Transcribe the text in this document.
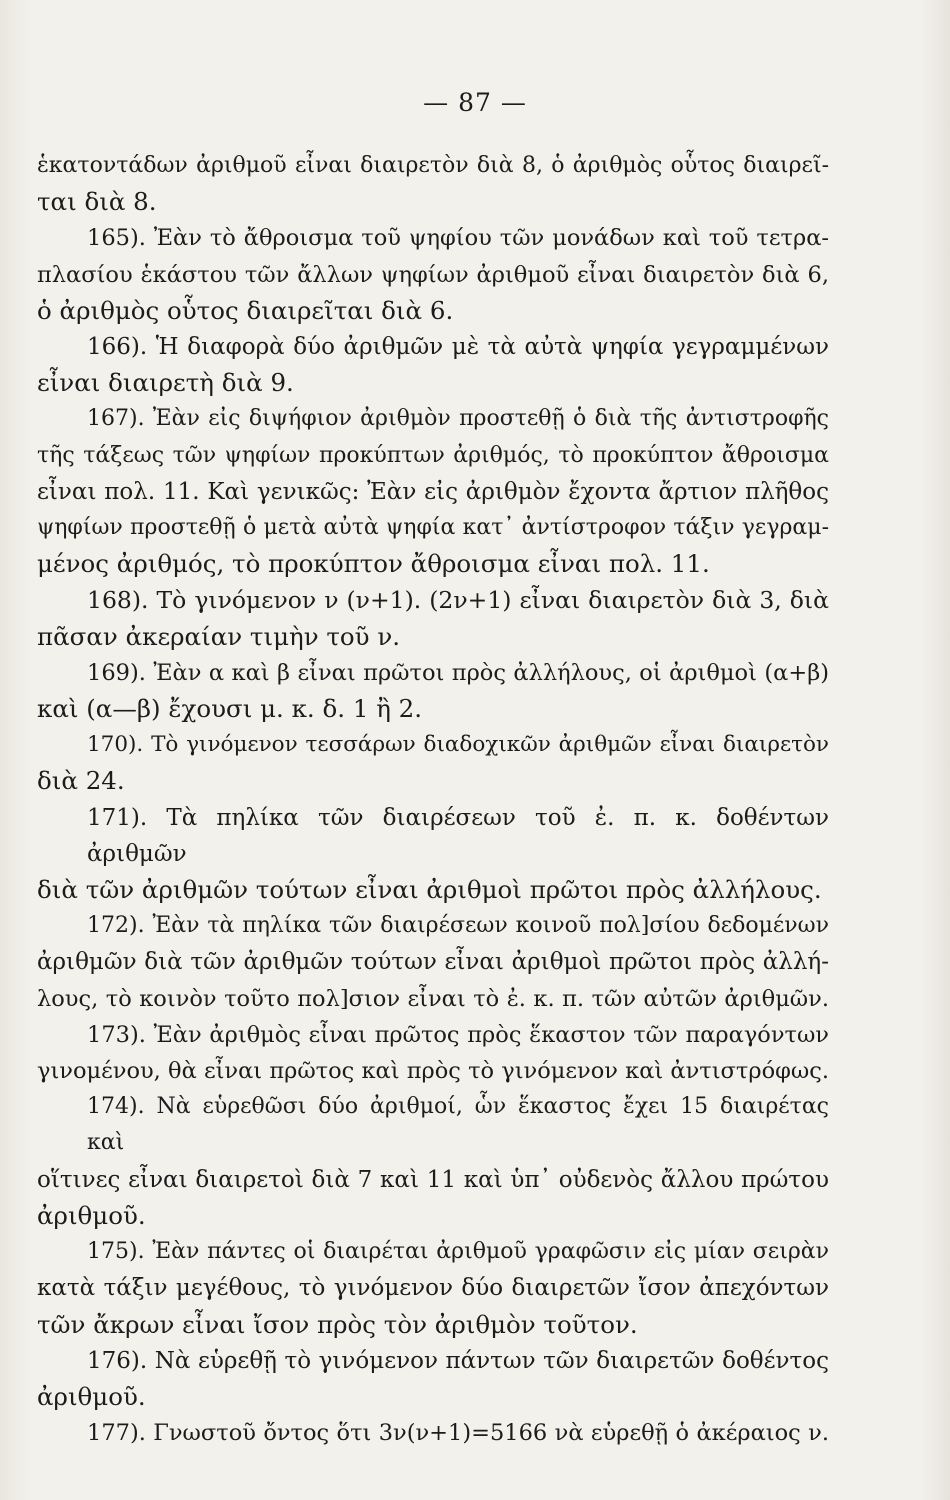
— 87 —
ἑκατοντάδων ἀριθμοῦ εἶναι διαιρετὸν διὰ 8, ὁ ἀριθμὸς οὗτος διαιρεῖ-
ται διὰ 8.
165). Ἐὰν τὸ ἄθροισμα τοῦ ψηφίου τῶν μονάδων καὶ τοῦ τετρα-
πλασίου ἑκάστου τῶν ἄλλων ψηφίων ἀριθμοῦ εἶναι διαιρετὸν διὰ 6,
ὁ ἀριθμὸς οὗτος διαιρεῖται διὰ 6.
166). Ἡ διαφορὰ δύο ἀριθμῶν μὲ τὰ αὐτὰ ψηφία γεγραμμένων
εἶναι διαιρετὴ διὰ 9.
167). Ἐὰν εἰς διψήφιον ἀριθμὸν προστεθῇ ὁ διὰ τῆς ἀντιστροφῆς
τῆς τάξεως τῶν ψηφίων προκύπτων ἀριθμός, τὸ προκύπτον ἄθροισμα
εἶναι πολ. 11. Καὶ γενικῶς: Ἐὰν εἰς ἀριθμὸν ἔχοντα ἄρτιον πλῆθος
ψηφίων προστεθῇ ὁ μετὰ αὐτὰ ψηφία κατ᾿ ἀντίστροφον τάξιν γεγραμ-
μένος ἀριθμός, τὸ προκύπτον ἄθροισμα εἶναι πολ. 11.
168). Τὸ γινόμενον ν (ν+1). (2ν+1) εἶναι διαιρετὸν διὰ 3, διὰ
πᾶσαν ἀκεραίαν τιμὴν τοῦ ν.
169). Ἐὰν α καὶ β εἶναι πρῶτοι πρὸς ἀλλήλους, οἱ ἀριθμοὶ (α+β)
καὶ (α—β) ἔχουσι μ. κ. δ. 1 ἢ 2.
170). Τὸ γινόμενον τεσσάρων διαδοχικῶν ἀριθμῶν εἶναι διαιρετὸν
διὰ 24.
171). Τὰ πηλίκα τῶν διαιρέσεων τοῦ ἐ. π. κ. δοθέντων ἀριθμῶν
διὰ τῶν ἀριθμῶν τούτων εἶναι ἀριθμοὶ πρῶτοι πρὸς ἀλλήλους.
172). Ἐὰν τὰ πηλίκα τῶν διαιρέσεων κοινοῦ πολ]σίου δεδομένων
ἀριθμῶν διὰ τῶν ἀριθμῶν τούτων εἶναι ἀριθμοὶ πρῶτοι πρὸς ἀλλή-
λους, τὸ κοινὸν τοῦτο πολ]σιον εἶναι τὸ ἐ. κ. π. τῶν αὐτῶν ἀριθμῶν.
173). Ἐὰν ἀριθμὸς εἶναι πρῶτος πρὸς ἕκαστον τῶν παραγόντων
γινομένου, θὰ εἶναι πρῶτος καὶ πρὸς τὸ γινόμενον καὶ ἀντιστρόφως.
174). Νὰ εὑρεθῶσι δύο ἀριθμοί, ὧν ἕκαστος ἔχει 15 διαιρέτας καὶ
οἵτινες εἶναι διαιρετοὶ διὰ 7 καὶ 11 καὶ ὑπ᾿ οὐδενὸς ἄλλου πρώτου
ἀριθμοῦ.
175). Ἐὰν πάντες οἱ διαιρέται ἀριθμοῦ γραφῶσιν εἰς μίαν σειρὰν
κατὰ τάξιν μεγέθους, τὸ γινόμενον δύο διαιρετῶν ἴσον ἀπεχόντων
τῶν ἄκρων εἶναι ἴσον πρὸς τὸν ἀριθμὸν τοῦτον.
176). Νὰ εὑρεθῇ τὸ γινόμενον πάντων τῶν διαιρετῶν δοθέντος
ἀριθμοῦ.
177). Γνωστοῦ ὄντος ὅτι 3ν(ν+1)=5166 νὰ εὑρεθῇ ὁ ἀκέραιος ν.
